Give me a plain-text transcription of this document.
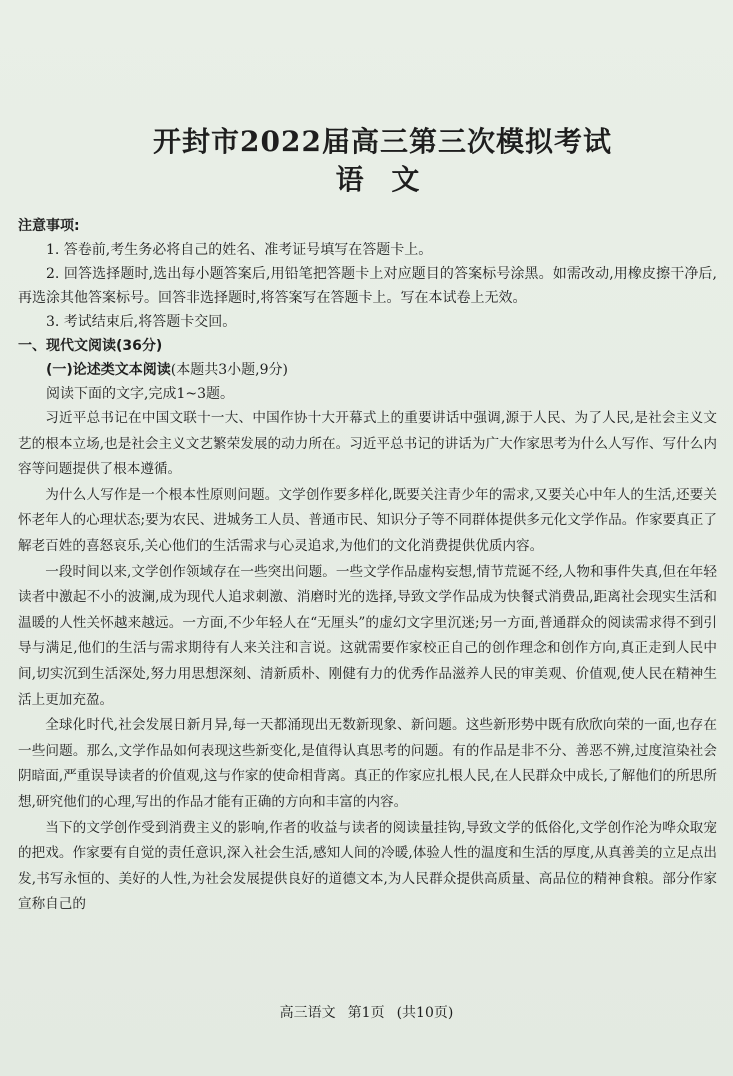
开封市2022届高三第三次模拟考试
语 文
注意事项:

1. 答卷前,考生务必将自己的姓名、准考证号填写在答题卡上。

2. 回答选择题时,选出每小题答案后,用铅笔把答题卡上对应题目的答案标号涂黑。如需改动,用橡皮擦干净后,再选涂其他答案标号。回答非选择题时,将答案写在答题卡上。写在本试卷上无效。

3. 考试结束后,将答题卡交回。

一、现代文阅读(36分)

(一)论述类文本阅读(本题共3小题,9分)

阅读下面的文字,完成1~3题。

习近平总书记在中国文联十一大、中国作协十大开幕式上的重要讲话中强调,源于人民、为了人民,是社会主义文艺的根本立场,也是社会主义文艺繁荣发展的动力所在。习近平总书记的讲话为广大作家思考为什么人写作、写什么内容等问题提供了根本遵循。

为什么人写作是一个根本性原则问题。文学创作要多样化,既要关注青少年的需求,又要关心中年人的生活,还要关怀老年人的心理状态;要为农民、进城务工人员、普通市民、知识分子等不同群体提供多元化文学作品。作家要真正了解老百姓的喜怒哀乐,关心他们的生活需求与心灵追求,为他们的文化消费提供优质内容。

一段时间以来,文学创作领域存在一些突出问题。一些文学作品虚构妄想,情节荒诞不经,人物和事件失真,但在年轻读者中激起不小的波澜,成为现代人追求刺激、消磨时光的选择,导致文学作品成为快餐式消费品,距离社会现实生活和温暖的人性关怀越来越远。一方面,不少年轻人在“无厘头”的虚幻文字里沉迷;另一方面,普通群众的阅读需求得不到引导与满足,他们的生活与需求期待有人来关注和言说。这就需要作家校正自己的创作理念和创作方向,真正走到人民中间,切实沉到生活深处,努力用思想深刻、清新质朴、刚健有力的优秀作品滋养人民的审美观、价值观,使人民在精神生活上更加充盈。

全球化时代,社会发展日新月异,每一天都涌现出无数新现象、新问题。这些新形势中既有欣欣向荣的一面,也存在一些问题。那么,文学作品如何表现这些新变化,是值得认真思考的问题。有的作品是非不分、善恶不辨,过度渲染社会阴暗面,严重误导读者的价值观,这与作家的使命相背离。真正的作家应扎根人民,在人民群众中成长,了解他们的所思所想,研究他们的心理,写出的作品才能有正确的方向和丰富的内容。

当下的文学创作受到消费主义的影响,作者的收益与读者的阅读量挂钩,导致文学的低俗化,文学创作沦为哗众取宠的把戏。作家要有自觉的责任意识,深入社会生活,感知人间的冷暖,体验人性的温度和生活的厚度,从真善美的立足点出发,书写永恒的、美好的人性,为社会发展提供良好的道德文本,为人民群众提供高质量、高品位的精神食粮。部分作家宣称自己的

高三语文 第1页 (共10页)
